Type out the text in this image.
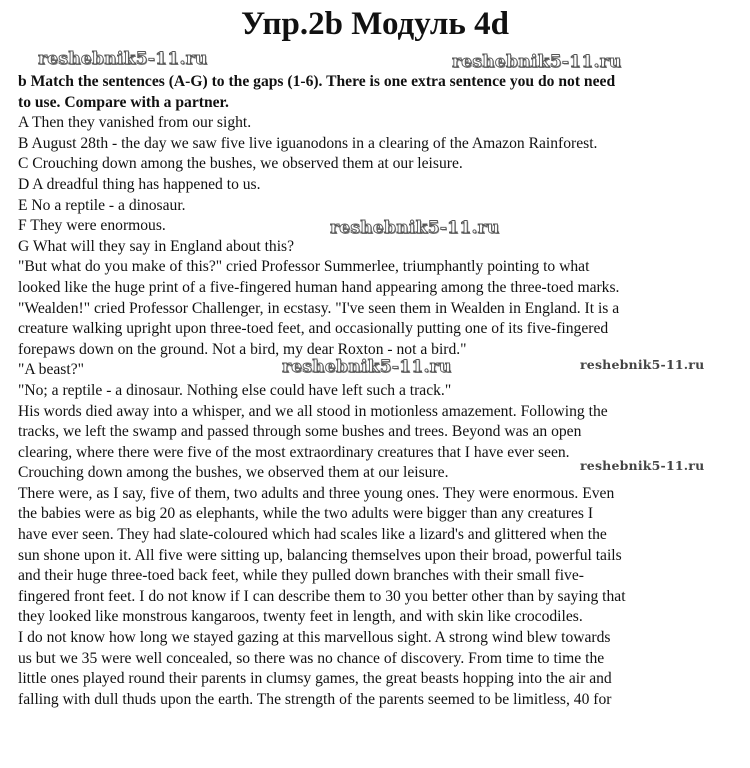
Упр.2b Модуль 4d
b Match the sentences (A-G) to the gaps (1-6). There is one extra sentence you do not need
to use. Compare with a partner.
A Then they vanished from our sight.
B August 28th - the day we saw five live iguanodons in a clearing of the Amazon Rainforest.
C Crouching down among the bushes, we observed them at our leisure.
D A dreadful thing has happened to us.
E No a reptile - a dinosaur.
F They were enormous.
G What will they say in England about this?
"But what do you make of this?" cried Professor Summerlee, triumphantly pointing to what
looked like the huge print of a five-fingered human hand appearing among the three-toed marks.
"Wealden!" cried Professor Challenger, in ecstasy. "I've seen them in Wealden in England. It is a
creature walking upright upon three-toed feet, and occasionally putting one of its five-fingered
forepaws down on the ground. Not a bird, my dear Roxton - not a bird."
"A beast?"
"No; a reptile - a dinosaur. Nothing else could have left such a track."
His words died away into a whisper, and we all stood in motionless amazement. Following the
tracks, we left the swamp and passed through some bushes and trees. Beyond was an open
clearing, where there were five of the most extraordinary creatures that I have ever seen.
Crouching down among the bushes, we observed them at our leisure.
There were, as I say, five of them, two adults and three young ones. They were enormous. Even
the babies were as big 20 as elephants, while the two adults were bigger than any creatures I
have ever seen. They had slate-coloured which had scales like a lizard's and glittered when the
sun shone upon it. All five were sitting up, balancing themselves upon their broad, powerful tails
and their huge three-toed back feet, while they pulled down branches with their small five-
fingered front feet. I do not know if I can describe them to 30 you better other than by saying that
they looked like monstrous kangaroos, twenty feet in length, and with skin like crocodiles.
I do not know how long we stayed gazing at this marvellous sight. A strong wind blew towards
us but we 35 were well concealed, so there was no chance of discovery. From time to time the
little ones played round their parents in clumsy games, the great beasts hopping into the air and
falling with dull thuds upon the earth. The strength of the parents seemed to be limitless, 40 for
reshebnik5-11.ru	reshebnik5-11.ru
reshebnik5-11.ru
reshebnik5-11.ru	reshebnik5-11.ru
reshebnik5-11.ru
